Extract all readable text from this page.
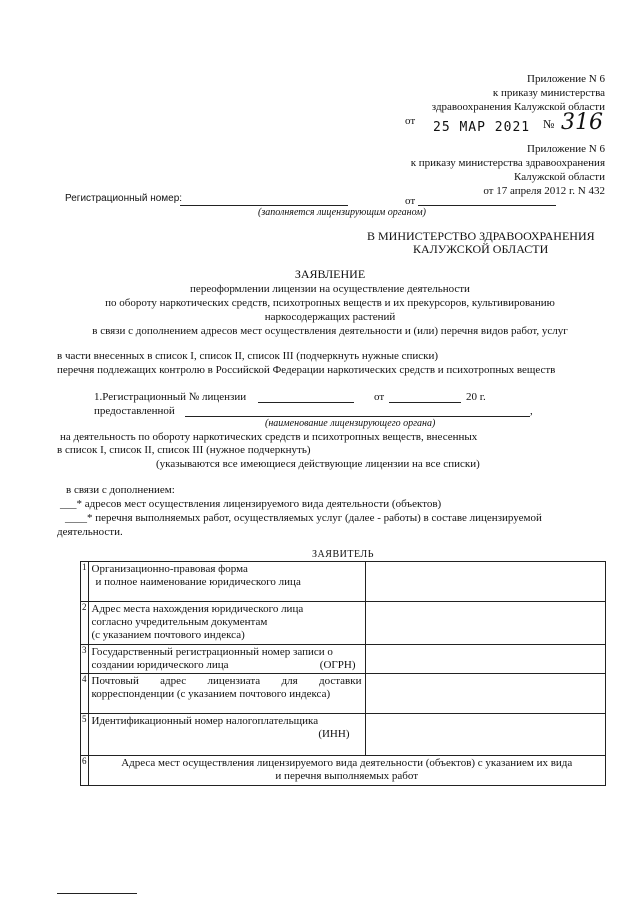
Приложение N 6
к приказу министерства
здравоохранения Калужской области
от 25 МАР 2021 № 316
Приложение N 6
к приказу министерства здравоохранения
Калужской области
от 17 апреля 2012 г. N 432
Регистрационный номер:	от
(заполняется лицензирующим органом)
В МИНИСТЕРСТВО ЗДРАВООХРАНЕНИЯ
КАЛУЖСКОЙ ОБЛАСТИ
ЗАЯВЛЕНИЕ
переоформлении лицензии на осуществление деятельности
по обороту наркотических средств, психотропных веществ и их прекурсоров, культивированию
наркосодержащих растений
в связи с дополнением адресов мест осуществления деятельности и (или) перечня видов работ, услуг
в части внесенных в список I, список II, список III (подчеркнуть нужные списки)
перечня подлежащих контролю в Российской Федерации наркотических средств и психотропных веществ
1.Регистрационный № лицензии	от	20 г.
предоставленной	,
(наименование лицензирующего органа)
на деятельность по обороту наркотических средств и психотропных веществ, внесенных
в список I, список II, список III (нужное подчеркнуть)
(указываются все имеющиеся действующие лицензии на все списки)
в связи с дополнением:
___* адресов мест осуществления лицензируемого вида деятельности (объектов)
____* перечня выполняемых работ, осуществляемых услуг (далее - работы) в составе лицензируемой
деятельности.
ЗАЯВИТЕЛЬ
1	Организационно-правовая форма
и полное наименование юридического лица	

2	Адрес места нахождения юридического лица
согласно учредительным документам
(с указанием почтового индекса)	

3	Государственный регистрационный номер записи о
создании юридического лица (ОГРН)	

4	Почтовый адрес лицензиата для доставки
корреспонденции (с указанием почтового индекса)	

5	Идентификационный номер налогоплательщика
(ИНН)	

6	Адреса мест осуществления лицензируемого вида деятельности (объектов) с указанием их вида
и перечня выполняемых работ	
